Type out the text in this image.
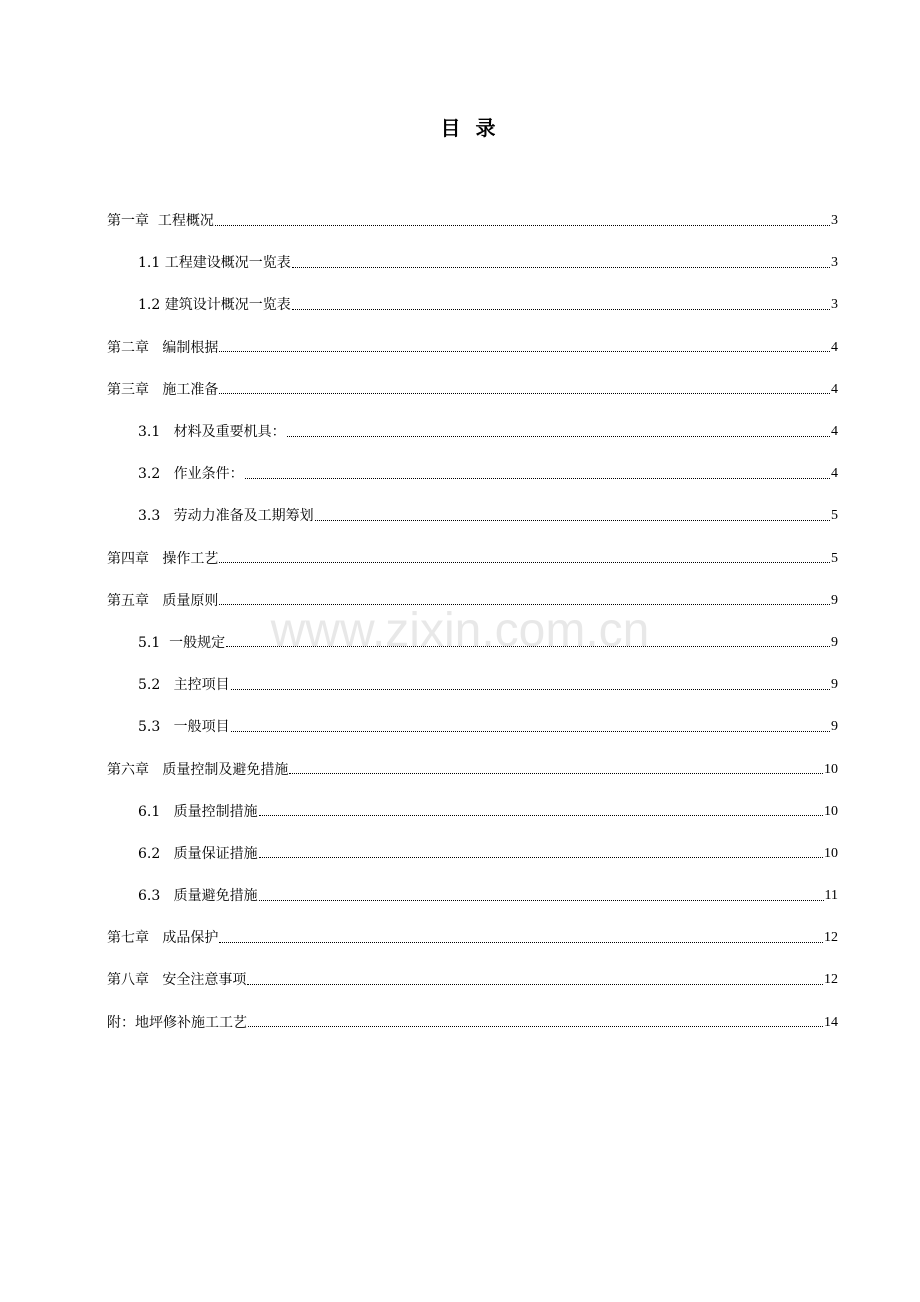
目 录
www.zixin.com.cn
第一章  工程概况	3
1.1 工程建设概况一览表	3
1.2 建筑设计概况一览表	3
第二章   编制根据	4
第三章   施工准备	4
3.1   材料及重要机具：	4
3.2   作业条件：	4
3.3   劳动力准备及工期筹划	5
第四章   操作工艺	5
第五章   质量原则	9
5.1  一般规定	9
5.2   主控项目	9
5.3   一般项目	9
第六章   质量控制及避免措施	10
6.1   质量控制措施	10
6.2   质量保证措施	10
6.3   质量避免措施	11
第七章   成品保护	12
第八章   安全注意事项	12
附：地坪修补施工工艺	14
